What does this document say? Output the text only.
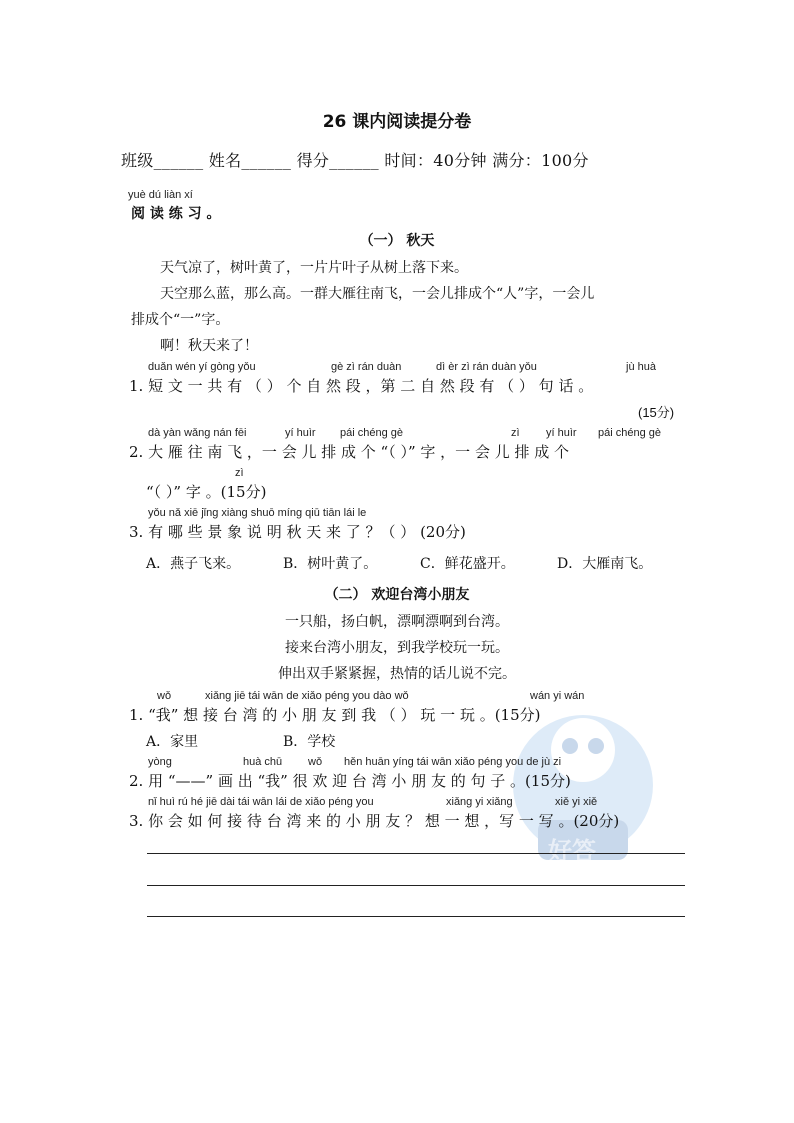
26 课内阅读提分卷
班级______ 姓名______ 得分______ 时间：40分钟 满分：100分
yuè dú liàn xí
阅 读 练 习 。
（一） 秋天
天气凉了，树叶黄了，一片片叶子从树上落下来。
天空那么蓝，那么高。一群大雁往南飞，一会儿排成个“人”字，一会儿
排成个“一”字。
啊！秋天来了！
duǎn wén yí gòng yǒu	gè zì rán duàn	dì èr zì rán duàn yǒu	jù huà
1. 短 文 一 共 有 （ ） 个 自 然 段 ，第 二 自 然 段 有 （ ） 句 话 。
(15分)
dà yàn wǎng nán fēi	yí huìr pái chéng gè	zì yí huìr pái chéng gè
2. 大 雁 往 南 飞 ，一 会 儿 排 成 个 “（ ）” 字 ，一 会 儿 排 成 个
zì
“（ ）” 字 。(15分)
yǒu nǎ xiē jǐng xiàng shuō míng qiū tiān lái le
3. 有 哪 些 景 象 说 明 秋 天 来 了 ？（ ） (20分)
A．燕子飞来。	B．树叶黄了。	C．鲜花盛开。	D．大雁南飞。
（二） 欢迎台湾小朋友
一只船，扬白帆，漂啊漂啊到台湾。
接来台湾小朋友，到我学校玩一玩。
伸出双手紧紧握，热情的话儿说不完。
好答
wǒ	xiǎng jiē tái wān de xiǎo péng you dào wǒ	wán yi wán
1. “我” 想 接 台 湾 的 小 朋 友 到 我 （ ） 玩 一 玩 。(15分)
A．家里	B．学校
yòng	huà chū wǒ hěn huān yíng tái wān xiǎo péng you de jù zi
2. 用 “——” 画 出 “我” 很 欢 迎 台 湾 小 朋 友 的 句 子 。(15分)
nǐ huì rú hé jiē dài tái wān lái de xiǎo péng you	xiǎng yi xiǎng	xiě yi xiě
3. 你 会 如 何 接 待 台 湾 来 的 小 朋 友 ？ 想 一 想 ，写 一 写 。(20分)
